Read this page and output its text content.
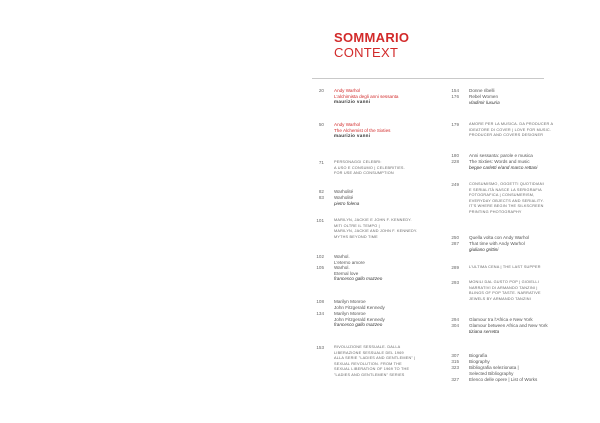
SOMMARIO
CONTEXT
20 Andy Warhol
L'alchimista degli anni sessanta
maurizio vanni
50 Andy Warhol
The Alchemist of the Sixties
maurizio vanni
71	PERSONAGGI CELEBRI:
A USO E CONSUMO | CELEBRITIES.
FOR USE AND CONSUMPTION
82 Warholité
83 Warholité
pietro folena
101	MARILYN, JACKIE E JOHN F. KENNEDY.
MITI OLTRE IL TEMPO |
MARILYN, JACKIE AND JOHN F. KENNEDY.
MYTHS BEYOND TIME
102 Warhol.
L'eterno amore
105 Warhol.
Eternal love
francesco gallo mazzeo
108 Marilyn Monroe
John Fitzgerald Kennedy
134 Marilyn Monroe
John Fitzgerald Kennedy
francesco gallo mazzeo
153	RIVOLUZIONE SESSUALE. DALLA
LIBERAZIONE SESSUALE DEL 1969
ALLA SERIE "LADIES AND GENTLEMEN" |
SEXUAL REVOLUTION. FROM THE
SEXUAL LIBERATION OF 1969 TO THE
"LADIES AND GENTLEMEN" SERIES
154 Donne ribelli
176 Rebel Women
vladimir luxuria
179	AMORE PER LA MUSICA. DA PRODUCER A
IDEATORE DI COVER | LOVE FOR MUSIC.
PRODUCER AND COVERS DESIGNER
180 Anni sessanta: parole e musica
228 The Sixties: Words and music
beppe carletti e/and marco rettani
249	CONSUMISMO, OGGETTI QUOTIDIANI
E SERIALITÀ NASCE LA SERIGRAFIA
FOTOGRAFICA | CONSUMERISM,
EVERYDAY OBJECTS AND SERIALITY.
IT'S WHERE BEGIN THE SILKSCREEN
PRINTING PHOTOGRAPHY
250 Quella volta con Andy Warhol
287 That time with Andy Warhol
giuliano grittini
289	L'ULTIMA CENA | THE LAST SUPPER
293	MONILI DAL GUSTO POP | GIOIELLI
NARRATIVI DI ARMANDO TANZINI |
BLINGS OF POP TASTE. NARRATIVE
JEWELS BY ARMANDO TANZINI
294 Glamour tra l'Africa e New York
304 Glamour between Africa and New York
tiziana serretta
307 Biografia
315 Biography
323 Bibliografia selezionata |
Selected Bibliography
327 Elenco delle opere | List of Works
